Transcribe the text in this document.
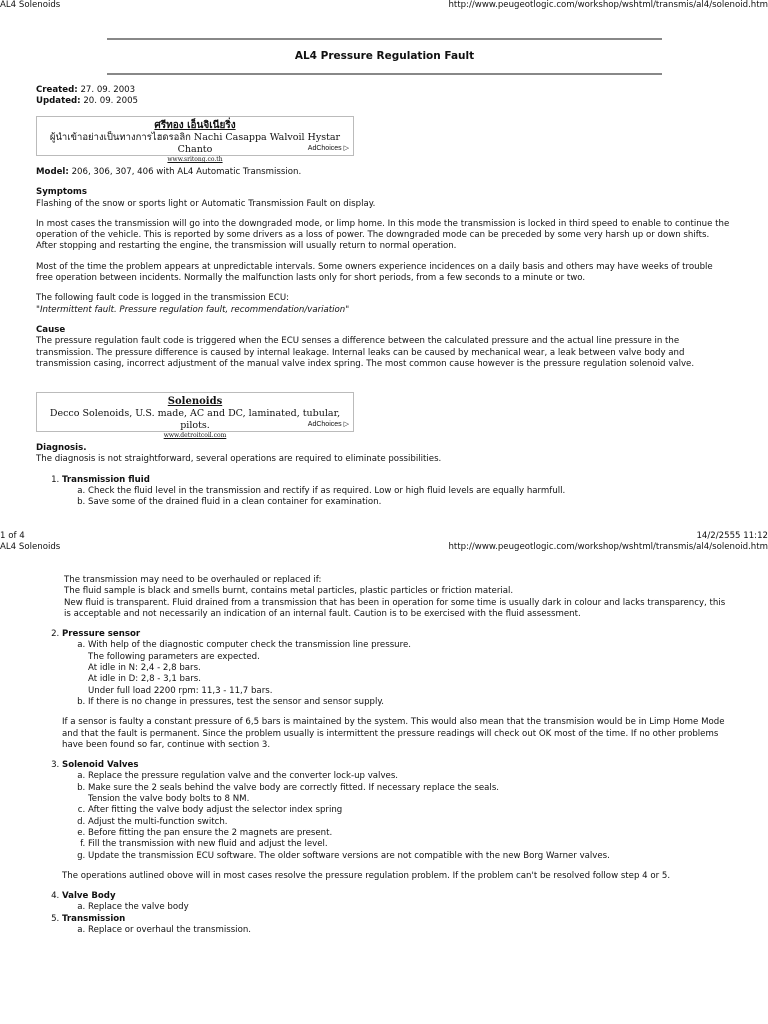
AL4 Solenoids	http://www.peugeotlogic.com/workshop/wshtml/transmis/al4/solenoid.htm
AL4 Pressure Regulation Fault
Created: 27. 09. 2003
Updated: 20. 09. 2005
ศรีทอง เอ็นจิเนียริ่ง
ผู้นำเข้าอย่างเป็นทางการไฮดรอลิก Nachi Casappa Walvoil Hystar Chanto
www.sritong.co.th
AdChoices ▷

Model: 206, 306, 307, 406 with AL4 Automatic Transmission.

Symptoms

Flashing of the snow or sports light or Automatic Transmission Fault on display.

In most cases the transmission will go into the downgraded mode, or limp home. In this mode the transmission is locked in third speed to enable to continue the operation of the vehicle. This is reported by some drivers as a loss of power. The downgraded mode can be preceded by some very harsh up or down shifts. After stopping and restarting the engine, the transmission will usually return to normal operation.

Most of the time the problem appears at unpredictable intervals. Some owners experience incidences on a daily basis and others may have weeks of trouble free operation between incidents. Normally the malfunction lasts only for short periods, from a few seconds to a minute or two.

The following fault code is logged in the transmission ECU:

"Intermittent fault. Pressure regulation fault, recommendation/variation"

Cause

The pressure regulation fault code is triggered when the ECU senses a difference between the calculated pressure and the actual line pressure in the transmission. The pressure difference is caused by internal leakage. Internal leaks can be caused by mechanical wear, a leak between valve body and transmission casing, incorrect adjustment of the manual valve index spring. The most common cause however is the pressure regulation solenoid valve.

Solenoids
Decco Solenoids, U.S. made, AC and DC, laminated, tubular, pilots.
www.detroitcoil.com
AdChoices ▷
Diagnosis.

The diagnosis is not straightforward, several operations are required to eliminate possibilities.

1. Transmission fluid
a. Check the fluid level in the transmission and rectify if as required. Low or high fluid levels are equally harmfull.
b. Save some of the drained fluid in a clean container for examination.
1 of 4	14/2/2555 11:12
AL4 Solenoids	http://www.peugeotlogic.com/workshop/wshtml/transmis/al4/solenoid.htm
The transmission may need to be overhauled or replaced if:
The fluid sample is black and smells burnt, contains metal particles, plastic particles or friction material.

New fluid is transparent. Fluid drained from a transmission that has been in operation for some time is usually dark in colour and lacks transparency, this is acceptable and not necessarily an indication of an internal fault. Caution is to be exercised with the fluid assessment.

2. Pressure sensor
a. With help of the diagnostic computer check the transmission line pressure.
The following parameters are expected.
At idle in N: 2,4 - 2,8 bars.
At idle in D: 2,8 - 3,1 bars.
Under full load 2200 rpm: 11,3 - 11,7 bars.
b. If there is no change in pressures, test the sensor and sensor supply.

If a sensor is faulty a constant pressure of 6,5 bars is maintained by the system. This would also mean that the transmision would be in Limp Home Mode and that the fault is permanent. Since the problem usually is intermittent the pressure readings will check out OK most of the time. If no other problems have been found so far, continue with section 3.

3. Solenoid Valves
a. Replace the pressure regulation valve and the converter lock-up valves.
b. Make sure the 2 seals behind the valve body are correctly fitted. If necessary replace the seals.
Tension the valve body bolts to 8 NM.
c. After fitting the valve body adjust the selector index spring
d. Adjust the multi-function switch.
e. Before fitting the pan ensure the 2 magnets are present.
f. Fill the transmission with new fluid and adjust the level.
g. Update the transmission ECU software. The older software versions are not compatible with the new Borg Warner valves.

The operations autlined obove will in most cases resolve the pressure regulation problem. If the problem can't be resolved follow step 4 or 5.

4. Valve Body
a. Replace the valve body
5. Transmission
a. Replace or overhaul the transmission.
